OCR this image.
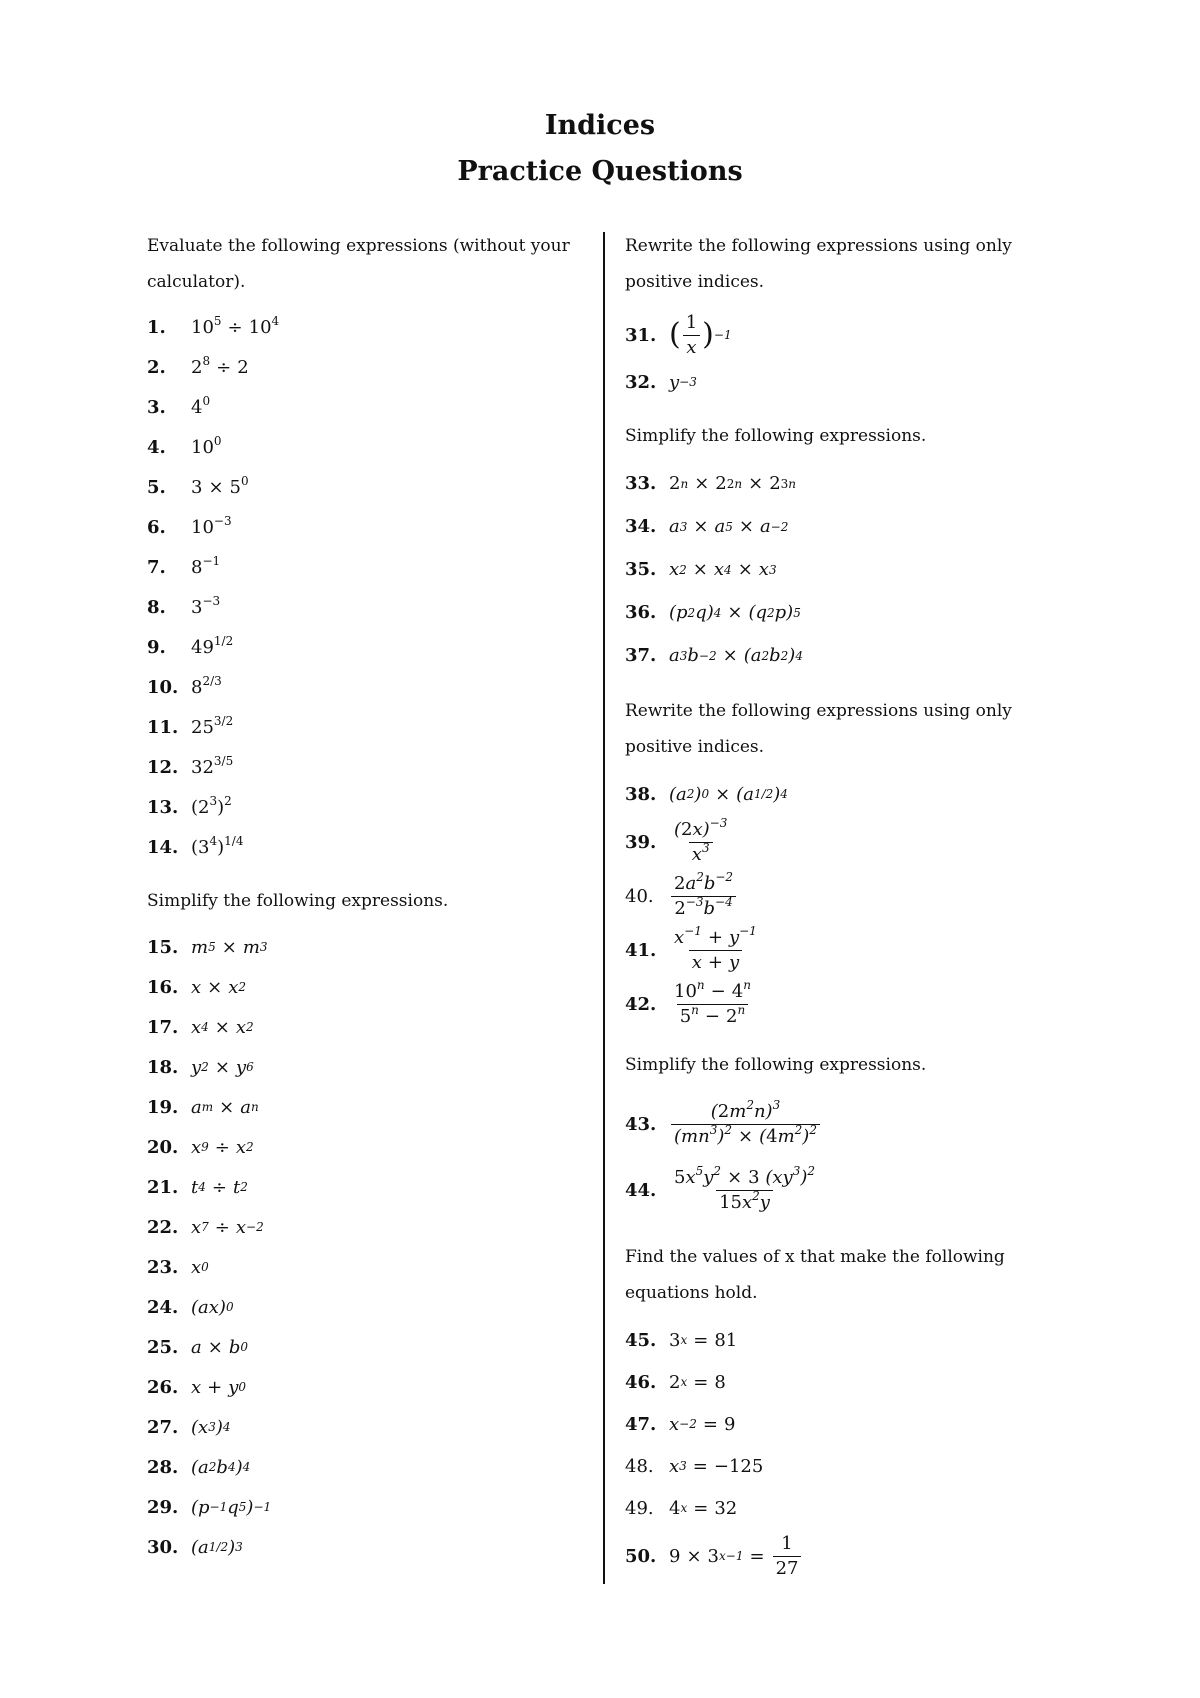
Indices
Practice Questions

Evaluate the following expressions (without your calculator).

1.	$10^5 \div 10^4$
2.	$2^8 \div 2$
3.	$4^0$
4.	$10^0$
5.	$3 \times 5^0$
6.	$10^{-3}$
7.	$8^{-1}$
8.	$3^{-3}$
9.	$49^{1/2}$
10. $8^{2/3}$
11. $25^{3/2}$
12. $32^{3/5}$
13. $(2^3)^2$
14. $(3^4)^{1/4}$

Simplify the following expressions.

15. m 5 × m 3
16. x × x 2
17. x 4 × x 2
18. y 2 × y 6
19. a m × a n
20. x 9 ÷ x 2
21. t 4 ÷ t 2
22. x 7 ÷ x −2
23. x 0
24. (ax) 0
25. a × b 0
26. x + y 0
27. (x 3 ) 4
28. (a 2 b 4 ) 4
29. (p −1 q 5 ) −1
30. (a 1/2 ) 3

Rewrite the following expressions using only positive indices.

31. ( $\frac{1}{x}$ ) −1
32. y −3

Simplify the following expressions.

33. 2 n × 2 2n × 2 3n
34. a 3 × a 5 × a −2
35. x 2 × x 4 × x 3
36. (p 2 q) 4 × (q 2 p) 5
37. a 3 b −2 × (a 2 b 2 ) 4

Rewrite the following expressions using only positive indices.

38. (a 2 ) 0 × (a 1/2 ) 4
39. $\frac{(2x)^{-3}}{x^3}$
40. $\frac{2a^2b^{-2}}{2^{-3}b^{-4}}$
41. $\frac{x^{-1} + y^{-1}}{x + y}$
42. $\frac{10^n - 4^n}{5^n - 2^n}$

Simplify the following expressions.

43. $\frac{(2m^2n)^3}{(mn^3)^2 \times (4m^2)^2}$
44. $\frac{5x^5y^2 \times 3 (xy^3)^2}{15x^2y}$

Find the values of x that make the following equations hold.

45. 3 x = 81
46. 2 x = 8
47. x −2 = 9
48. x 3 = −125
49. 4 x = 32
50. 9 × 3 $x-1 = \frac{1}{27}$
